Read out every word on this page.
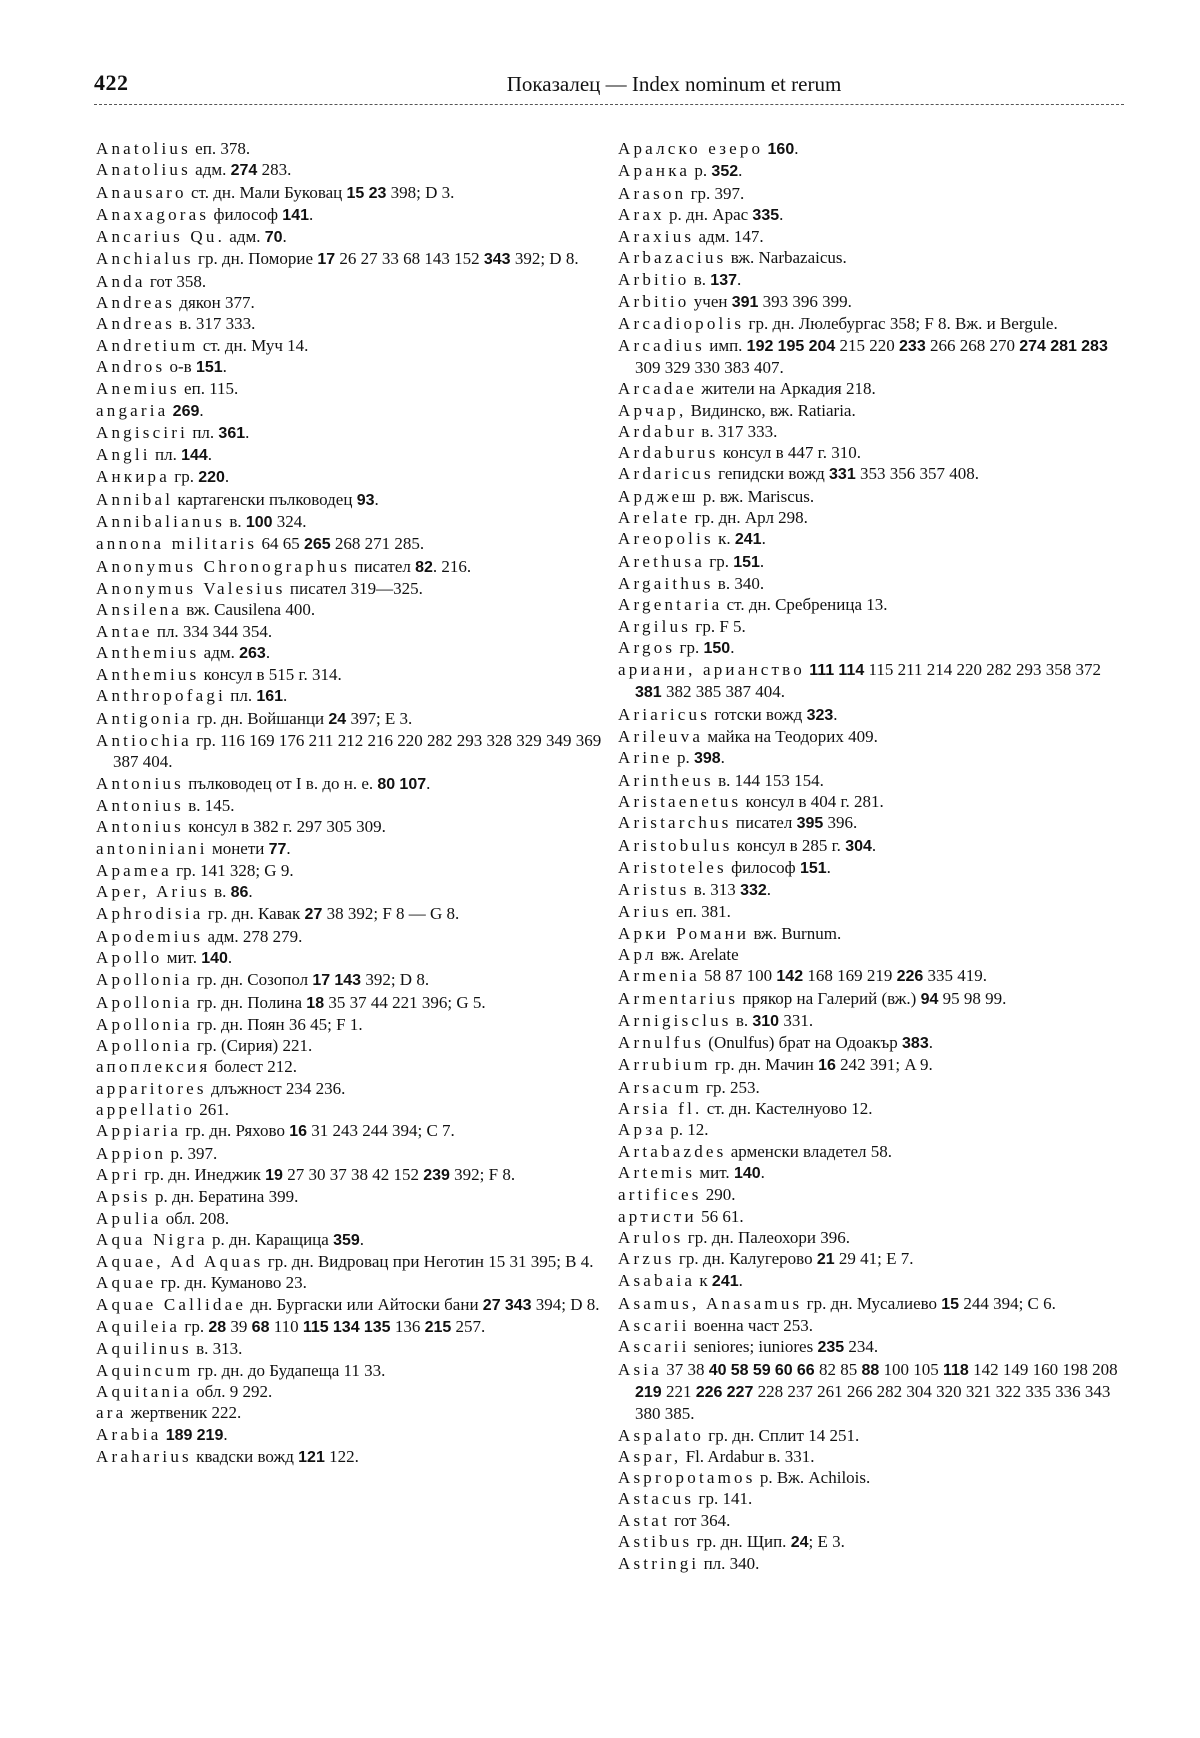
422	Показалец — Index nominum et rerum
Anatolius еп. 378.
Anatolius адм. 274 283.
Anausaro ст. дн. Мали Буковац 15 23 398; D 3.
Anaxagoras философ 141.
Ancarius Qu. адм. 70.
Anchialus гр. дн. Поморие 17 26 27 33 68 143 152 343 392; D 8.
Anda гот 358.
Andreas дякон 377.
Andreas в. 317 333.
Andretium ст. дн. Муч 14.
Andros о-в 151.
Anemius еп. 115.
angaria 269.
Angisciri пл. 361.
Angli пл. 144.
Анкира гр. 220.
Annibal картагенски пълководец 93.
Annibalianus в. 100 324.
annona militaris 64 65 265 268 271 285.
Anonymus Chronographus писател 82. 216.
Anonymus Valesius писател 319—325.
Ansilena вж. Causilena 400.
Antae пл. 334 344 354.
Anthemius адм. 263.
Anthemius консул в 515 г. 314.
Anthropofagi пл. 161.
Antigonia гр. дн. Войшанци 24 397; Е 3.
Antiochia гр. 116 169 176 211 212 216 220 282 293 328 329 349 369 387 404.
Antonius пълководец от I в. до н. е. 80 107.
Antonius в. 145.
Antonius консул в 382 г. 297 305 309.
antoniniani монети 77.
Apamea гр. 141 328; G 9.
Aper, Arius в. 86.
Aphrodisia гр. дн. Кавак 27 38 392; F 8 — G 8.
Apodemius адм. 278 279.
Apollo мит. 140.
Apollonia гр. дн. Созопол 17 143 392; D 8.
Apollonia гр. дн. Полина 18 35 37 44 221 396; G 5.
Apollonia гр. дн. Поян 36 45; F 1.
Apollonia гр. (Сирия) 221.
апоплексия болест 212.
apparitores длъжност 234 236.
appellatio 261.
Appiaria гр. дн. Ряхово 16 31 243 244 394; C 7.
Appion р. 397.
Apri гр. дн. Инеджик 19 27 30 37 38 42 152 239 392; F 8.
Apsis р. дн. Бератина 399.
Apulia обл. 208.
Aqua Nigra р. дн. Каращица 359.
Aquae, Ad Aquas гр. дн. Видровац при Неготин 15 31 395; B 4.
Aquae гр. дн. Куманово 23.
Aquae Callidae дн. Бургаски или Айтоски бани 27 343 394; D 8.
Aquileia гр. 28 39 68 110 115 134 135 136 215 257.
Aquilinus в. 313.
Aquincum гр. дн. до Будапеща 11 33.
Aquitania обл. 9 292.
ara жертвеник 222.
Arabia 189 219.
Araharius квадски вожд 121 122.
Аралско езеро 160.
Аранка р. 352.
Arason гр. 397.
Arax р. дн. Арас 335.
Araxius адм. 147.
Arbazacius вж. Narbazaicus.
Arbitio в. 137.
Arbitio учен 391 393 396 399.
Arcadiopolis гр. дн. Люлебургас 358; F 8. Вж. и Bergule.
Arcadius имп. 192 195 204 215 220 233 266 268 270 274 281 283 309 329 330 383 407.
Arcadae жители на Аркадия 218.
Арчар, Видинско, вж. Ratiaria.
Ardabur в. 317 333.
Ardaburus консул в 447 г. 310.
Ardaricus гепидски вожд 331 353 356 357 408.
Арджеш р. вж. Mariscus.
Arelate гр. дн. Арл 298.
Areopolis к. 241.
Arethusa гр. 151.
Argaithus в. 340.
Argentaria ст. дн. Сребреница 13.
Argilus гр. F 5.
Argos гр. 150.
ариани, арианство 111 114 115 211 214 220 282 293 358 372 381 382 385 387 404.
Ariaricus готски вожд 323.
Arileuva майка на Теодорих 409.
Arine р. 398.
Arintheus в. 144 153 154.
Aristaenetus консул в 404 г. 281.
Aristarchus писател 395 396.
Aristobulus консул в 285 г. 304.
Aristoteles философ 151.
Aristus в. 313 332.
Arius еп. 381.
Арки Романи вж. Burnum.
Арл вж. Arelate
Armenia 58 87 100 142 168 169 219 226 335 419.
Armentarius прякор на Галерий (вж.) 94 95 98 99.
Arnigisclus в. 310 331.
Arnulfus (Onulfus) брат на Одоакър 383.
Arrubium гр. дн. Мачин 16 242 391; A 9.
Arsacum гр. 253.
Arsia fl. ст. дн. Кастелнуово 12.
Арза р. 12.
Artabazdes арменски владетел 58.
Artemis мит. 140.
artifices 290.
артисти 56 61.
Arulos гр. дн. Палеохори 396.
Arzus гр. дн. Калугерово 21 29 41; E 7.
Asabaia к 241.
Asamus, Anasamus гр. дн. Мусалиево 15 244 394; C 6.
Ascarii военна част 253.
Ascarii seniores; iuniores 235 234.
Asia 37 38 40 58 59 60 66 82 85 88 100 105 118 142 149 160 198 208 219 221 226 227 228 237 261 266 282 304 320 321 322 335 336 343 380 385.
Aspalato гр. дн. Сплит 14 251.
Aspar, Fl. Ardabur в. 331.
Aspropotamos р. Вж. Achilois.
Astacus гр. 141.
Astat гот 364.
Astibus гр. дн. Щип. 24; E 3.
Astringi пл. 340.
